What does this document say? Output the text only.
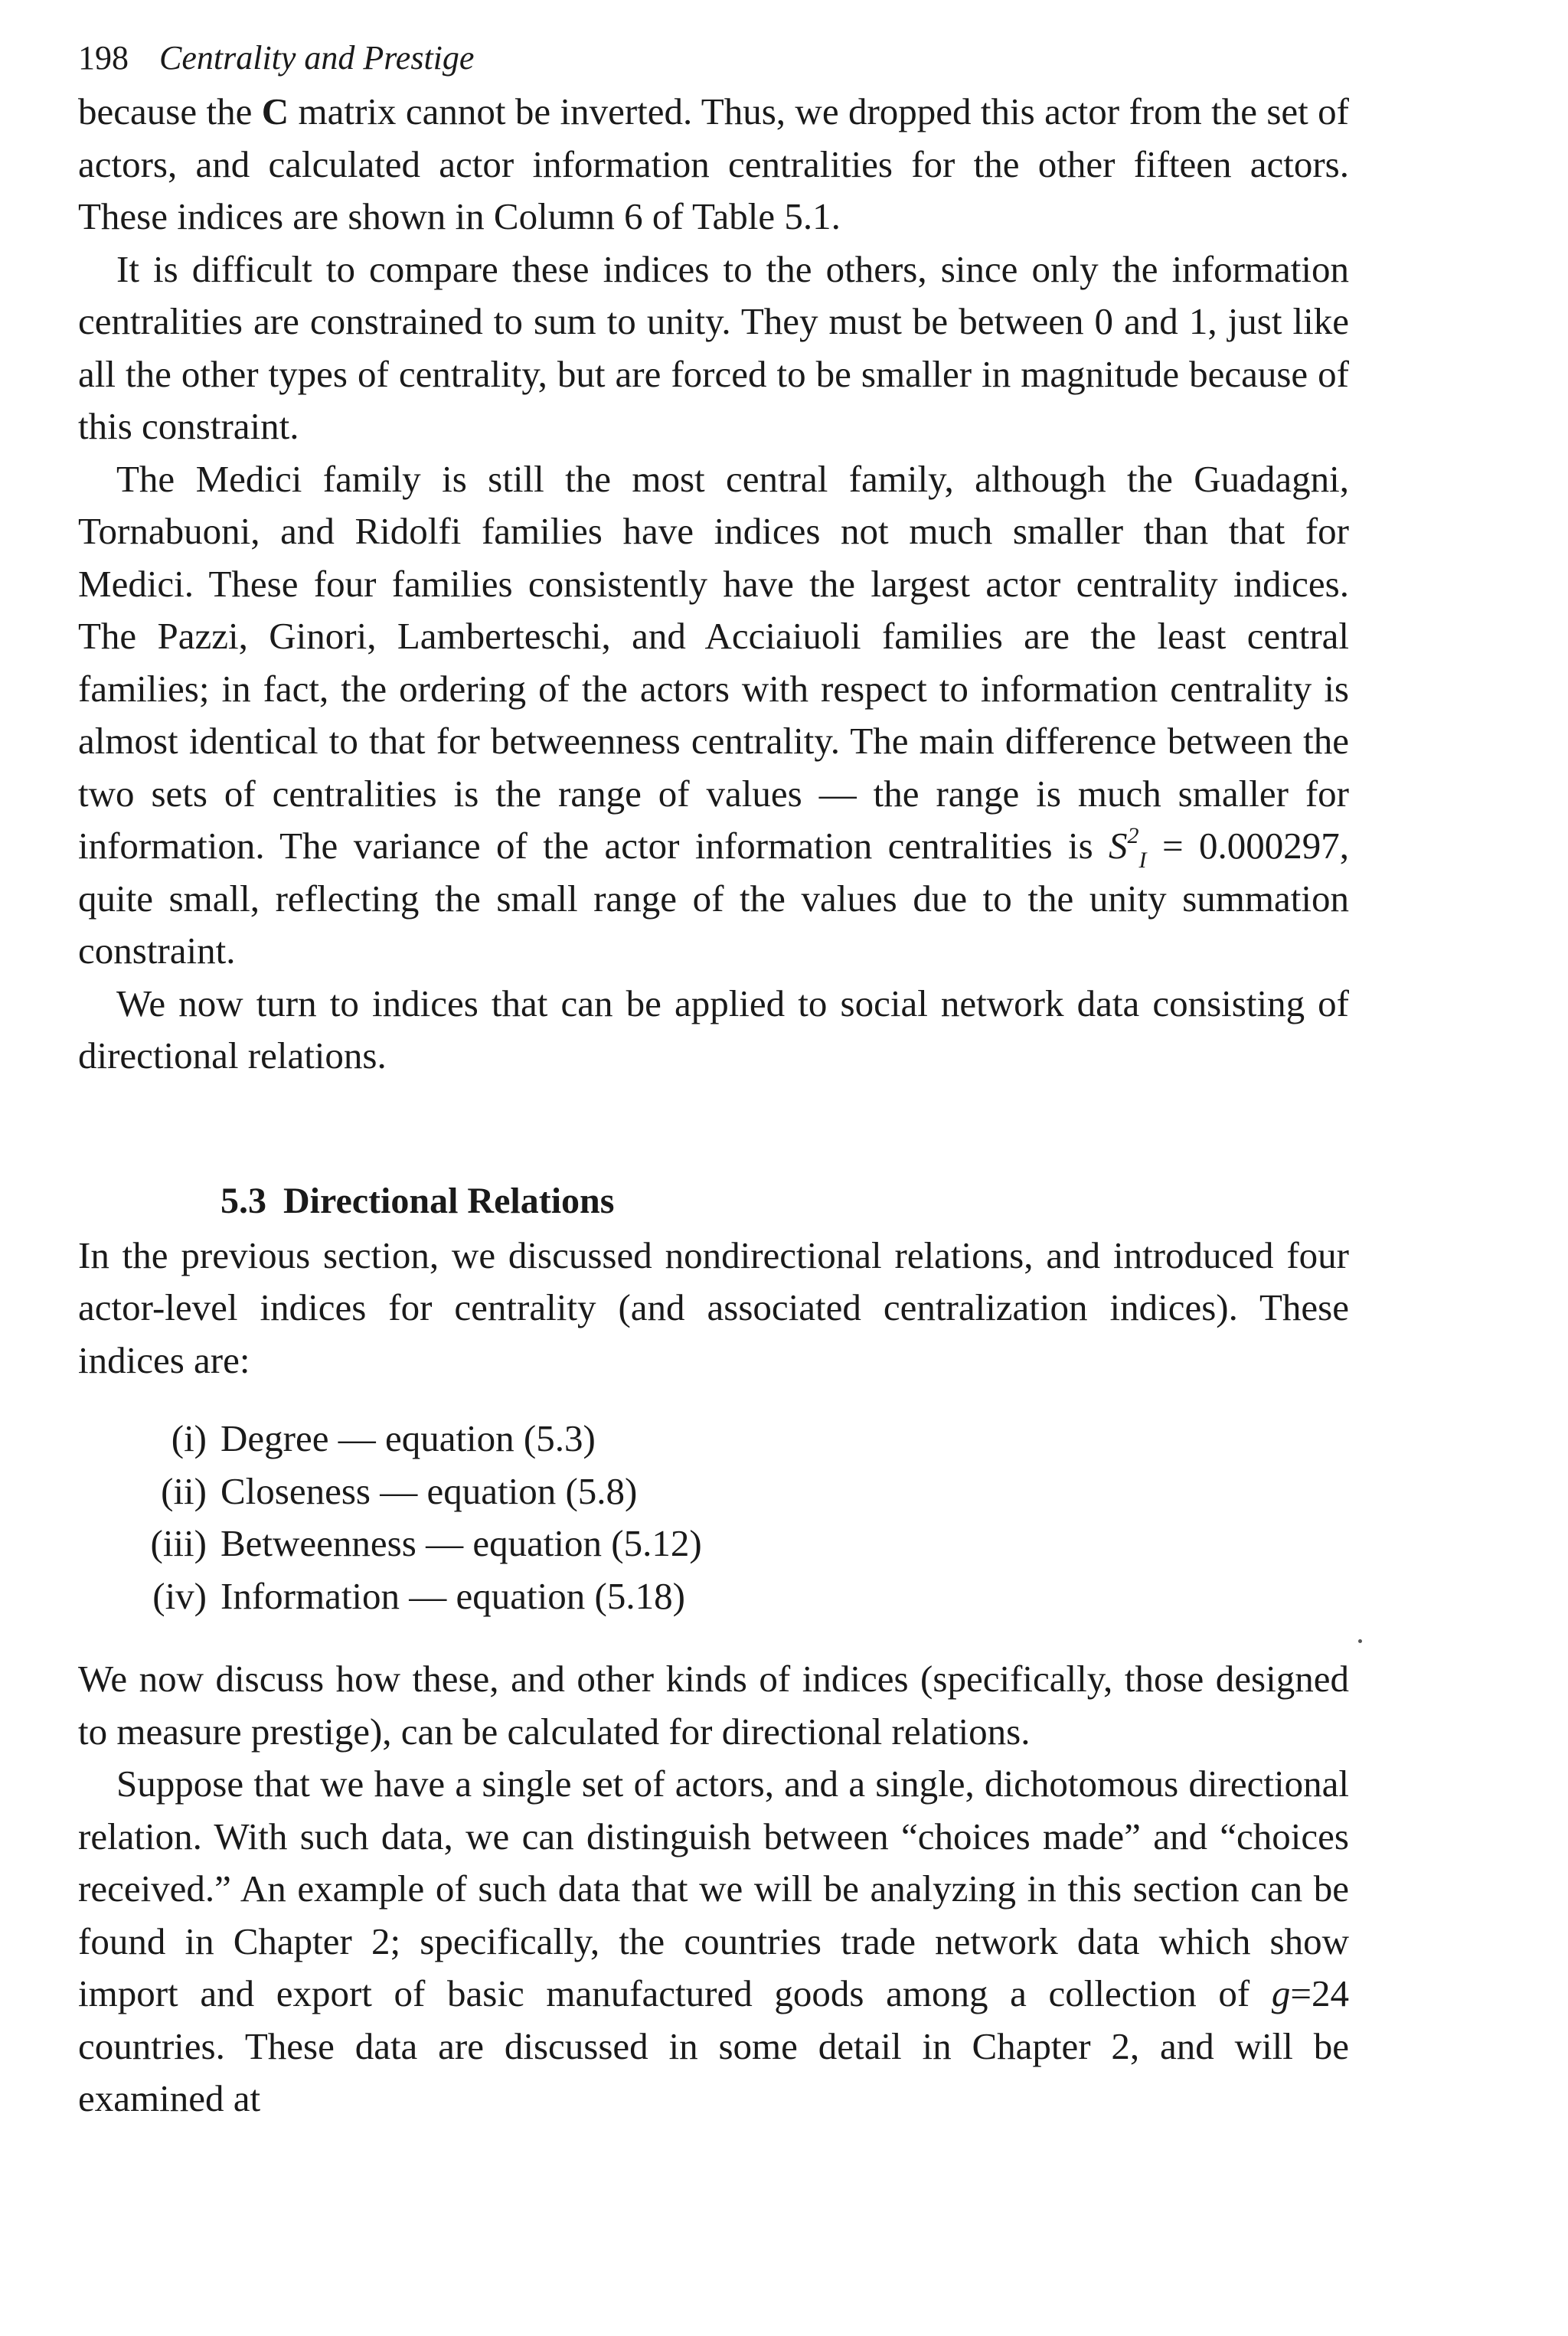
198 Centrality and Prestige

because the C matrix cannot be inverted. Thus, we dropped this actor from the set of actors, and calculated actor information centralities for the other fifteen actors. These indices are shown in Column 6 of Table 5.1.

It is difficult to compare these indices to the others, since only the information centralities are constrained to sum to unity. They must be between 0 and 1, just like all the other types of centrality, but are forced to be smaller in magnitude because of this constraint.

The Medici family is still the most central family, although the Guadagni, Tornabuoni, and Ridolfi families have indices not much smaller than that for Medici. These four families consistently have the largest actor centrality indices. The Pazzi, Ginori, Lamberteschi, and Acciaiuoli families are the least central families; in fact, the ordering of the actors with respect to information centrality is almost identical to that for betweenness centrality. The main difference between the two sets of centralities is the range of values — the range is much smaller for information. The variance of the actor information centralities is $S^2_I = 0.000297$, quite small, reflecting the small range of the values due to the unity summation constraint.

We now turn to indices that can be applied to social network data consisting of directional relations.

5.3 Directional Relations

In the previous section, we discussed nondirectional relations, and introduced four actor-level indices for centrality (and associated centralization indices). These indices are:

(i) Degree — equation (5.3)
(ii) Closeness — equation (5.8)
(iii) Betweenness — equation (5.12)
(iv) Information — equation (5.18)

We now discuss how these, and other kinds of indices (specifically, those designed to measure prestige), can be calculated for directional relations.

Suppose that we have a single set of actors, and a single, dichotomous directional relation. With such data, we can distinguish between “choices made” and “choices received.” An example of such data that we will be analyzing in this section can be found in Chapter 2; specifically, the countries trade network data which show import and export of basic manufactured goods among a collection of g=24 countries. These data are discussed in some detail in Chapter 2, and will be examined at
